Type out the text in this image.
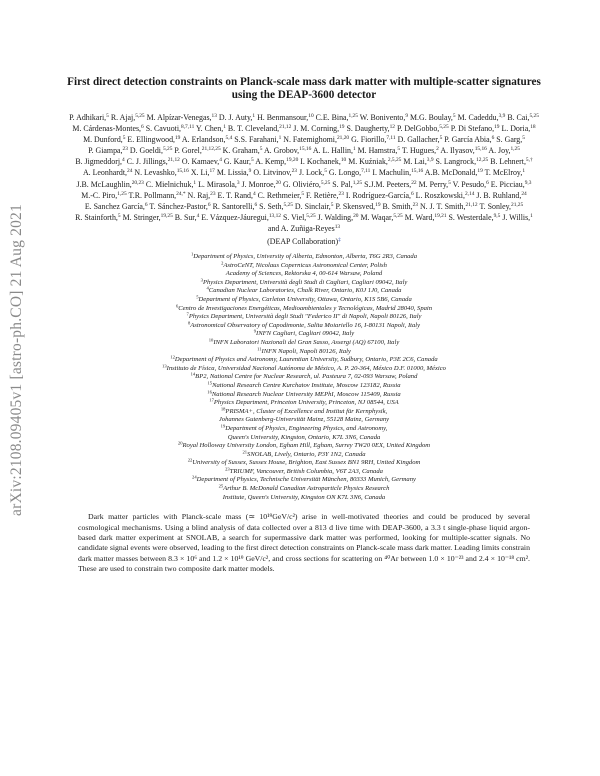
arXiv:2108.09405v1 [astro-ph.CO] 21 Aug 2021
First direct detection constraints on Planck-scale mass dark matter with multiple-scatter signatures using the DEAP-3600 detector

P. Adhikari,$^5$ R. Ajaj,$^{5,25}$ M. Alpízar-Venegas,$^{13}$ D. J. Auty,$^1$ H. Benmansour,$^{10}$ C.E. Bina,$^{1,25}$ W. Bonivento,$^9$ M.G. Boulay,$^5$ M. Cadeddu,$^{3,9}$ B. Cai,$^{5,25}$ M. Cárdenas-Montes,$^6$ S. Cavuoti,$^{8,7,11}$ Y. Chen,$^1$ B. T. Cleveland,$^{21,12}$ J. M. Corning,$^{19}$ S. Daugherty,$^{12}$ P. DelGobbo,$^{5,25}$ P. Di Stefano,$^{19}$ L. Doria,$^{18}$ M. Dunford,$^5$ E. Ellingwood,$^{19}$ A. Erlandson,$^{5,4}$ S.S. Farahani,$^1$ N. Fatemighomi,$^{21,20}$ G. Fiorillo,$^{7,11}$ D. Gallacher,$^5$ P. García Abia,$^6$ S. Garg,$^5$ P. Giampa,$^{23}$ D. Goeldi,$^{5,25}$ P. Gorel,$^{21,12,25}$ K. Graham,$^5$ A. Grobov,$^{15,16}$ A. L. Hallin,$^1$ M. Hamstra,$^5$ T. Hugues,$^2$ A. Ilyasov,$^{15,16}$ A. Joy,$^{1,25}$ B. Jigmeddorj,$^4$ C. J. Jillings,$^{21,12}$ O. Kamaev,$^4$ G. Kaur,$^5$ A. Kemp,$^{19,20}$ I. Kochanek,$^{10}$ M. Kuźniak,$^{2,5,25}$ M. Lai,$^{3,9}$ S. Langrock,$^{12,25}$ B. Lehnert,$^{5,\dagger}$ A. Leonhardt,$^{24}$ N. Levashko,$^{15,16}$ X. Li,$^{17}$ M. Lissia,$^9$ O. Litvinov,$^{23}$ J. Lock,$^5$ G. Longo,$^{7,11}$ I. Machulin,$^{15,16}$ A.B. McDonald,$^{19}$ T. McElroy,$^1$ J.B. McLaughlin,$^{20,23}$ C. Mielnichuk,$^1$ L. Mirasola,$^3$ J. Monroe,$^{20}$ G. Oliviéro,$^{5,25}$ S. Pal,$^{1,25}$ S.J.M. Peeters,$^{22}$ M. Perry,$^5$ V. Pesudo,$^6$ E. Picciau,$^{9,3}$ M.-C. Piro,$^{1,25}$ T.R. Pollmann,$^{24,*}$ N. Raj,$^{23}$ E. T. Rand,$^4$ C. Rethmeier,$^5$ F. Retière,$^{23}$ I. Rodríguez-García,$^6$ L. Roszkowski,$^{2,14}$ J. B. Ruhland,$^{24}$ E. Sanchez García,$^6$ T. Sánchez-Pastor,$^6$ R. Santorelli,$^6$ S. Seth,$^{5,25}$ D. Sinclair,$^5$ P. Skensved,$^{19}$ B. Smith,$^{23}$ N. J. T. Smith,$^{21,12}$ T. Sonley,$^{21,25}$ R. Stainforth,$^5$ M. Stringer,$^{19,25}$ B. Sur,$^4$ E. Vázquez-Jáuregui,$^{13,12}$ S. Viel,$^{5,25}$ J. Walding,$^{20}$ M. Waqar,$^{5,25}$ M. Ward,$^{19,21}$ S. Westerdale,$^{9,5}$ J. Willis,$^1$ and A. Zuñiga-Reyes$^{13}$

(DEAP Collaboration)‡
$^1$Department of Physics, University of Alberta, Edmonton, Alberta, T6G 2R3, Canada
$^2$AstroCeNT, Nicolaus Copernicus Astronomical Center, Polish
Academy of Sciences, Rektorska 4, 00-614 Warsaw, Poland
$^3$Physics Department, Università degli Studi di Cagliari, Cagliari 09042, Italy
$^4$Canadian Nuclear Laboratories, Chalk River, Ontario, K0J 1J0, Canada
$^5$Department of Physics, Carleton University, Ottawa, Ontario, K1S 5B6, Canada
$^6$Centro de Investigaciones Energéticas, Medioambientales y Tecnológicas, Madrid 28040, Spain
$^7$Physics Department, Università degli Studi "Federico II" di Napoli, Napoli 80126, Italy
$^8$Astronomical Observatory of Capodimonte, Salita Moiariello 16, I-80131 Napoli, Italy
$^9$INFN Cagliari, Cagliari 09042, Italy
$^{10}$INFN Laboratori Nazionali del Gran Sasso, Assergi (AQ) 67100, Italy
$^{11}$INFN Napoli, Napoli 80126, Italy
$^{12}$Department of Physics and Astronomy, Laurentian University, Sudbury, Ontario, P3E 2C6, Canada
$^{13}$Instituto de Física, Universidad Nacional Autónoma de México, A. P. 20-364, México D.F. 01000, México
$^{14}$BP2, National Centre for Nuclear Research, ul. Pasteura 7, 02-093 Warsaw, Poland
$^{15}$National Research Centre Kurchatov Institute, Moscow 123182, Russia
$^{16}$National Research Nuclear University MEPhI, Moscow 115409, Russia
$^{17}$Physics Department, Princeton University, Princeton, NJ 08544, USA
$^{18}$PRISMA+, Cluster of Excellence and Institut für Kernphysik,
Johannes Gutenberg-Universität Mainz, 55128 Mainz, Germany
$^{19}$Department of Physics, Engineering Physics, and Astronomy,
Queen's University, Kingston, Ontario, K7L 3N6, Canada
$^{20}$Royal Holloway University London, Egham Hill, Egham, Surrey TW20 0EX, United Kingdom
$^{21}$SNOLAB, Lively, Ontario, P3Y 1N2, Canada
$^{22}$University of Sussex, Sussex House, Brighton, East Sussex BN1 9RH, United Kingdom
$^{23}$TRIUMF, Vancouver, British Columbia, V6T 2A3, Canada
$^{24}$Department of Physics, Technische Universität München, 80333 Munich, Germany
$^{25}$Arthur B. McDonald Canadian Astroparticle Physics Research
Institute, Queen's University, Kingston ON K7L 3N6, Canada

Dark matter particles with Planck-scale mass (≃ 10¹⁹GeV/c²) arise in well-motivated theories and could be produced by several cosmological mechanisms. Using a blind analysis of data collected over a 813 d live time with DEAP-3600, a 3.3 t single-phase liquid argon-based dark matter experiment at SNOLAB, a search for supermassive dark matter was performed, looking for multiple-scatter signals. No candidate signal events were observed, leading to the first direct detection constraints on Planck-scale mass dark matter. Leading limits constrain dark matter masses between 8.3 × 10⁶ and 1.2 × 10¹⁹ GeV/c², and cross sections for scattering on ⁴⁰Ar between 1.0 × 10⁻²³ and 2.4 × 10⁻¹⁸ cm². These are used to constrain two composite dark matter models.
